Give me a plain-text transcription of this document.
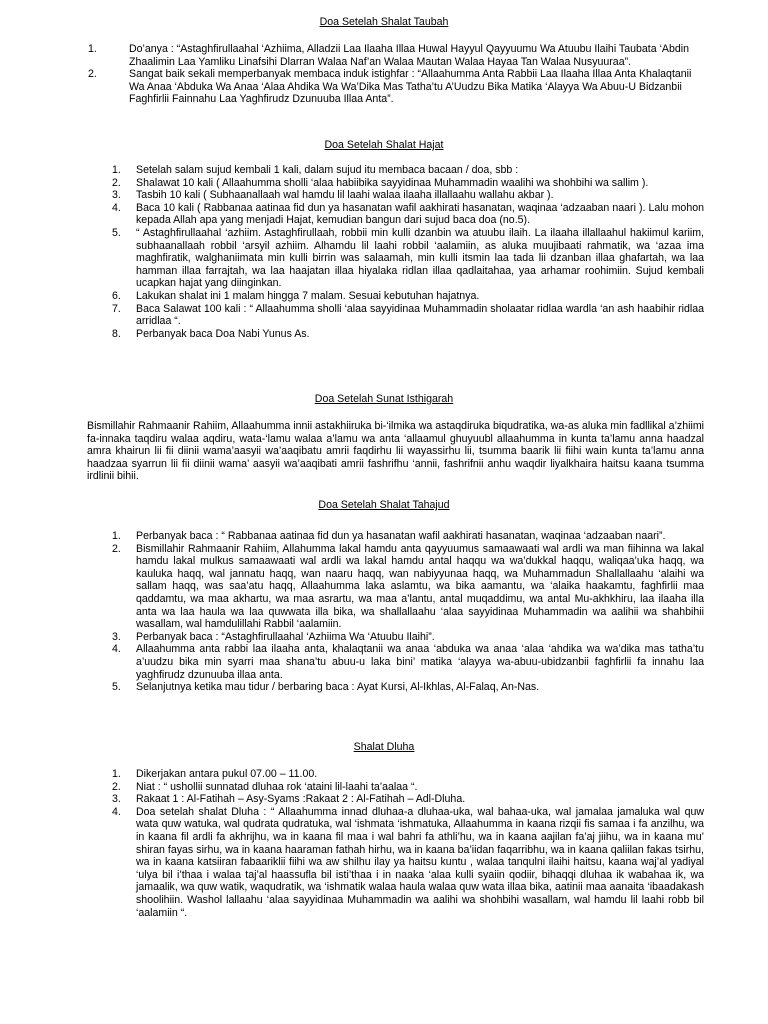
Doa Setelah Shalat Taubah
1.	Do’anya : “Astaghfirullaahal ‘Azhiima, Alladzii Laa Ilaaha Illaa Huwal Hayyul Qayyuumu Wa Atuubu Ilaihi Taubata ‘Abdin Zhaalimin Laa Yamliku Linafsihi Dlarran Walaa Naf’an Walaa Mautan Walaa Hayaa Tan Walaa Nusyuuraa”.
2.	Sangat baik sekali memperbanyak membaca induk istighfar : “Allaahumma Anta Rabbii Laa Ilaaha Illaa Anta Khalaqtanii Wa Anaa ‘Abduka Wa Anaa ‘Alaa Ahdika Wa Wa’Dika Mas Tatha’tu A’Uudzu Bika Matika ‘Alayya Wa Abuu-U Bidzanbii Faghfirlii Fainnahu Laa Yaghfirudz Dzunuuba Illaa Anta”.
Doa Setelah Shalat Hajat
1.	Setelah salam sujud kembali 1 kali, dalam sujud itu membaca bacaan / doa, sbb :
2.	Shalawat 10 kali ( Allaahumma sholli ‘alaa habiibika sayyidinaa Muhammadin waalihi wa shohbihi wa sallim ).
3.	Tasbih 10 kali ( Subhaanallaah wal hamdu lil laahi walaa ilaaha illallaahu wallahu akbar ).
4.	Baca 10 kali ( Rabbanaa aatinaa fid dun ya hasanatan wafil aakhirati hasanatan, waqinaa ‘adzaaban naari ). Lalu mohon kepada Allah apa yang menjadi Hajat, kemudian bangun dari sujud baca doa (no.5).
5.	“ Astaghfirullaahal ‘azhiim. Astaghfirullaah, robbii min kulli dzanbin wa atuubu ilaih. La ilaaha illallaahul hakiimul kariim, subhaanallaah robbil ‘arsyil azhiim. Alhamdu lil laahi robbil ‘aalamiin, as aluka muujibaati rahmatik, wa ‘azaa ima maghfiratik, walghaniimata min kulli birrin was salaamah, min kulli itsmin laa tada lii dzanban illaa ghafartah, wa laa hamman illaa farrajtah, wa laa haajatan illaa hiyalaka ridlan illaa qadlaitahaa, yaa arhamar roohimiin. Sujud kembali ucapkan hajat yang diinginkan.
6.	Lakukan shalat ini 1 malam hingga 7 malam. Sesuai kebutuhan hajatnya.
7.	Baca Salawat 100 kali : “ Allaahumma sholli ‘alaa sayyidinaa Muhammadin sholaatar ridlaa wardla ‘an ash haabihir ridlaa arridlaa “.
8.	Perbanyak baca Doa Nabi Yunus As.
Doa Setelah Sunat Isthigarah

Bismillahir Rahmaanir Rahiim, Allaahumma innii astakhiiruka bi-‘ilmika wa astaqdiruka biqudratika, wa-as aluka min fadllikal a’zhiimi fa-innaka taqdiru walaa aqdiru, wata-‘lamu walaa a’lamu wa anta ‘allaamul ghuyuubl allaahumma in kunta ta’lamu anna haadzal amra khairun lii fii diinii wama’aasyii wa’aaqibatu amrii faqdirhu lii wayassirhu lii, tsumma baarik lii fiihi wain kunta ta’lamu anna haadzaa syarrun lii fii diinii wama’ aasyii wa’aaqibati amrii fashrifhu ‘annii, fashrifnii anhu waqdir liyalkhaira haitsu kaana tsumma irdlinii bihii.

Doa Setelah Shalat Tahajud
1.	Perbanyak baca : “ Rabbanaa aatinaa fid dun ya hasanatan wafil aakhirati hasanatan, waqinaa ‘adzaaban naari”.
2.	Bismillahir Rahmaanir Rahiim, Allahumma lakal hamdu anta qayyuumus samaawaati wal ardli wa man fiihinna wa lakal hamdu lakal mulkus samaawaati wal ardli wa lakal hamdu antal haqqu wa wa’dukkal haqqu, waliqaa’uka haqq, wa kauluka haqq, wal jannatu haqq, wan naaru haqq, wan nabiyyunaa haqq, wa Muhammadun Shallallaahu ‘alaihi wa sallam haqq, was saa’atu haqq, Allaahumma laka aslamtu, wa bika aamantu, wa ‘alaika haakamtu, faghfirlii maa qaddamtu, wa maa akhartu, wa maa asrartu, wa maa a’lantu, antal muqaddimu, wa antal Mu-akhkhiru, laa ilaaha illa anta wa laa haula wa laa quwwata illa bika, wa shallallaahu ‘alaa sayyidinaa Muhammadin wa aalihii wa shahbihii wasallam, wal hamdulillahi Rabbil ‘aalamiin.
3.	Perbanyak baca : “Astaghfirullaahal ‘Azhiima Wa ‘Atuubu Ilaihi”.
4.	Allaahumma anta rabbi laa ilaaha anta, khalaqtanii wa anaa ‘abduka wa anaa ‘alaa ‘ahdika wa wa’dika mas tatha’tu a’uudzu bika min syarri maa shana’tu abuu-u laka bini’ matika ‘alayya wa-abuu-ubidzanbii faghfirlii fa innahu laa yaghfirudz dzunuuba illaa anta.
5.	Selanjutnya ketika mau tidur / berbaring baca : Ayat Kursi, Al-Ikhlas, Al-Falaq, An-Nas.
Shalat Dluha
1.	Dikerjakan antara pukul 07.00 – 11.00.
2.	Niat : “ ushollii sunnatad dluhaa rok ‘ataini lil-laahi ta’aalaa “.
3.	Rakaat 1 : Al-Fatihah – Asy-Syams :Rakaat 2 : Al-Fatihah – Adl-Dluha.
4.	Doa setelah shalat Dluha : “ Allaahumma innad dluhaa-a dluhaa-uka, wal bahaa-uka, wal jamalaa jamaluka wal quw wata quw watuka, wal qudrata qudratuka, wal ‘ishmata ‘ishmatuka, Allaahumma in kaana rizqii fis samaa i fa anzilhu, wa in kaana fil ardli fa akhrijhu, wa in kaana fil maa i wal bahri fa athli’hu, wa in kaana aajilan fa’aj jiihu, wa in kaana mu’ shiran fayas sirhu, wa in kaana haaraman fathah hirhu, wa in kaana ba’iidan faqarribhu, wa in kaana qaliilan fakas tsirhu, wa in kaana katsiiran fabaariklii fiihi wa aw shilhu ilay ya haitsu kuntu , walaa tanqulni ilaihi haitsu, kaana waj’al yadiyal ‘ulya bil i’thaa i walaa taj’al haassufla bil isti’thaa i in naaka ‘alaa kulli syaiin qodiir, bihaqqi dluhaa ik wabahaa ik, wa jamaalik, wa quw watik, waqudratik, wa ‘ishmatik walaa haula walaa quw wata illaa bika, aatinii maa aanaita ‘ibaadakash shoolihiin. Washol lallaahu ‘alaa sayyidinaa Muhammadin wa aalihi wa shohbihi wasallam, wal hamdu lil laahi robb bil ‘aalamiin “.
